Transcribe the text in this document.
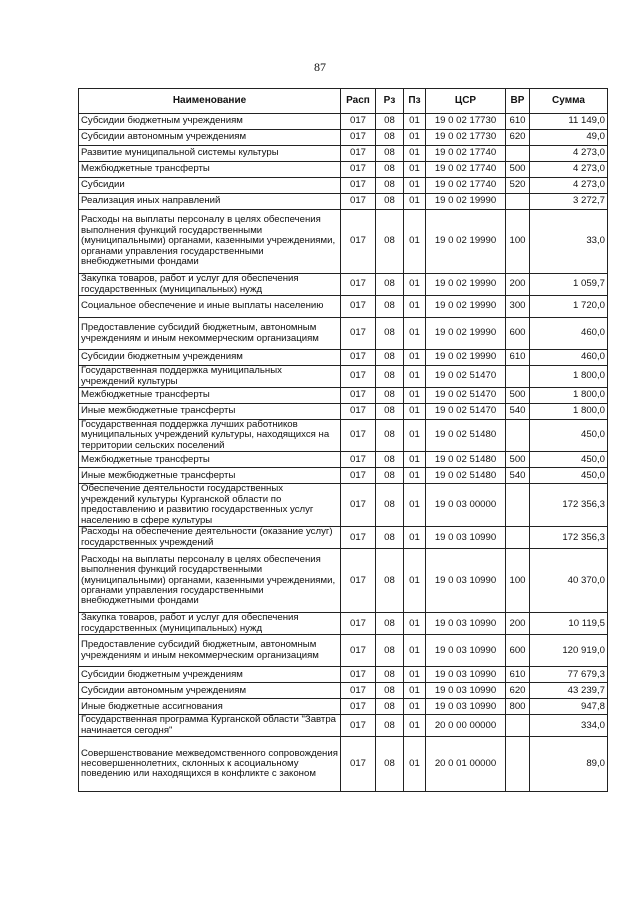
87
Наименование	Расп	Рз	Пз	ЦСР	ВР	Сумма
Субсидии бюджетным учреждениям	017	08	01	19 0 02 17730	610	11 149,0
Субсидии автономным учреждениям	017	08	01	19 0 02 17730	620	49,0
Развитие муниципальной системы культуры	017	08	01	19 0 02 17740		4 273,0
Межбюджетные трансферты	017	08	01	19 0 02 17740	500	4 273,0
Субсидии	017	08	01	19 0 02 17740	520	4 273,0
Реализация иных направлений	017	08	01	19 0 02 19990		3 272,7
Расходы на выплаты персоналу в целях обеспечения выполнения функций государственными (муниципальными) органами, казенными учреждениями, органами управления государственными внебюджетными фондами	017	08	01	19 0 02 19990	100	33,0
Закупка товаров, работ и услуг для обеспечения государственных (муниципальных) нужд	017	08	01	19 0 02 19990	200	1 059,7
Социальное обеспечение и иные выплаты населению	017	08	01	19 0 02 19990	300	1 720,0
Предоставление субсидий бюджетным, автономным учреждениям и иным некоммерческим организациям	017	08	01	19 0 02 19990	600	460,0
Субсидии бюджетным учреждениям	017	08	01	19 0 02 19990	610	460,0
Государственная поддержка муниципальных учреждений культуры	017	08	01	19 0 02 51470		1 800,0
Межбюджетные трансферты	017	08	01	19 0 02 51470	500	1 800,0
Иные межбюджетные трансферты	017	08	01	19 0 02 51470	540	1 800,0
Государственная поддержка лучших работников муниципальных учреждений культуры, находящихся на территории сельских поселений	017	08	01	19 0 02 51480		450,0
Межбюджетные трансферты	017	08	01	19 0 02 51480	500	450,0
Иные межбюджетные трансферты	017	08	01	19 0 02 51480	540	450,0
Обеспечение деятельности государственных учреждений культуры Курганской области по предоставлению и развитию государственных услуг населению в сфере культуры	017	08	01	19 0 03 00000		172 356,3
Расходы на обеспечение деятельности (оказание услуг) государственных учреждений	017	08	01	19 0 03 10990		172 356,3
Расходы на выплаты персоналу в целях обеспечения выполнения функций государственными (муниципальными) органами, казенными учреждениями, органами управления государственными внебюджетными фондами	017	08	01	19 0 03 10990	100	40 370,0
Закупка товаров, работ и услуг для обеспечения государственных (муниципальных) нужд	017	08	01	19 0 03 10990	200	10 119,5
Предоставление субсидий бюджетным, автономным учреждениям и иным некоммерческим организациям	017	08	01	19 0 03 10990	600	120 919,0
Субсидии бюджетным учреждениям	017	08	01	19 0 03 10990	610	77 679,3
Субсидии автономным учреждениям	017	08	01	19 0 03 10990	620	43 239,7
Иные бюджетные ассигнования	017	08	01	19 0 03 10990	800	947,8
Государственная программа Курганской области "Завтра начинается сегодня"	017	08	01	20 0 00 00000		334,0
Совершенствование межведомственного сопровождения несовершеннолетних, склонных к асоциальному поведению или находящихся в конфликте с законом	017	08	01	20 0 01 00000		89,0
